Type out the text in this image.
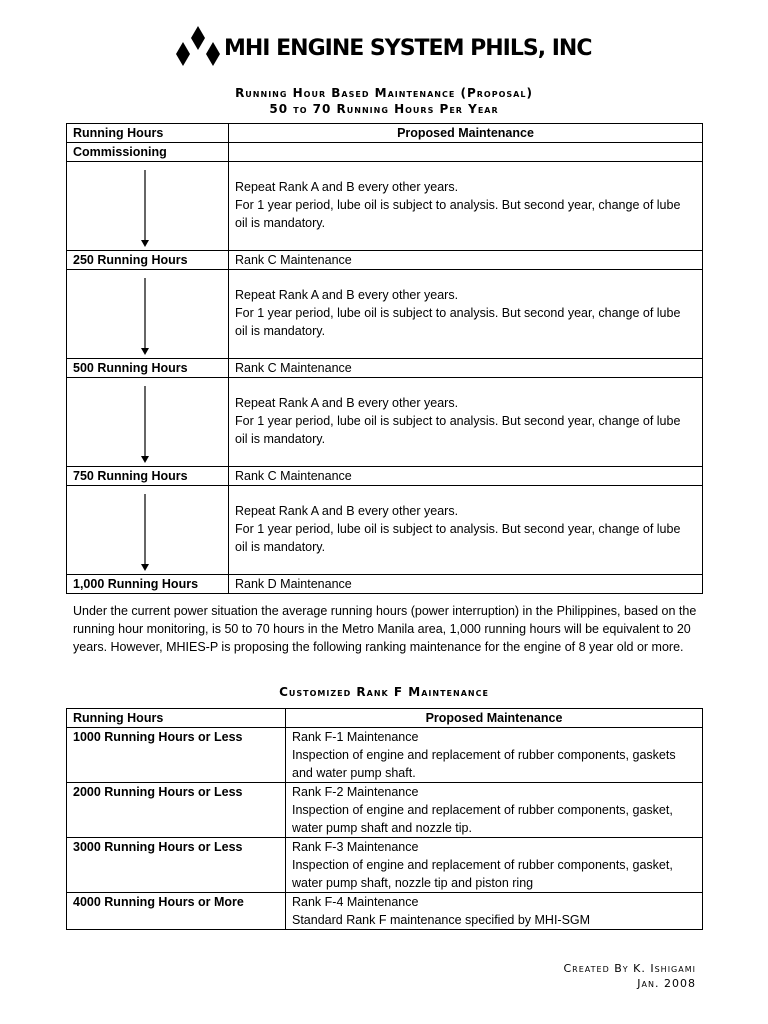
MHI ENGINE SYSTEM PHILS, INC
Running Hour Based Maintenance (Proposal)
50 to 70 Running Hours Per Year
Running Hours	Proposed Maintenance
Commissioning	

	Repeat Rank A and B every other years.
For 1 year period, lube oil is subject to analysis. But second year, change of lube oil is mandatory.
250 Running Hours	Rank C Maintenance

	Repeat Rank A and B every other years.
For 1 year period, lube oil is subject to analysis. But second year, change of lube oil is mandatory.
500 Running Hours	Rank C Maintenance

	Repeat Rank A and B every other years.
For 1 year period, lube oil is subject to analysis. But second year, change of lube oil is mandatory.
750 Running Hours	Rank C Maintenance

	Repeat Rank A and B every other years.
For 1 year period, lube oil is subject to analysis. But second year, change of lube oil is mandatory.
1,000 Running Hours	Rank D Maintenance
Under the current power situation the average running hours (power interruption) in the Philippines, based on the running hour monitoring, is 50 to 70 hours in the Metro Manila area, 1,000 running hours will be equivalent to 20 years. However, MHIES-P is proposing the following ranking maintenance for the engine of 8 year old or more.
Customized Rank F Maintenance
Running Hours	Proposed Maintenance
1000 Running Hours or Less	Rank F-1 Maintenance
Inspection of engine and replacement of rubber components, gaskets and water pump shaft.
2000 Running Hours or Less	Rank F-2 Maintenance
Inspection of engine and replacement of rubber components, gasket, water pump shaft and nozzle tip.
3000 Running Hours or Less	Rank F-3 Maintenance
Inspection of engine and replacement of rubber components, gasket, water pump shaft, nozzle tip and piston ring
4000 Running Hours or More	Rank F-4 Maintenance
Standard Rank F maintenance specified by MHI-SGM
Created By K. Ishigami
Jan. 2008
